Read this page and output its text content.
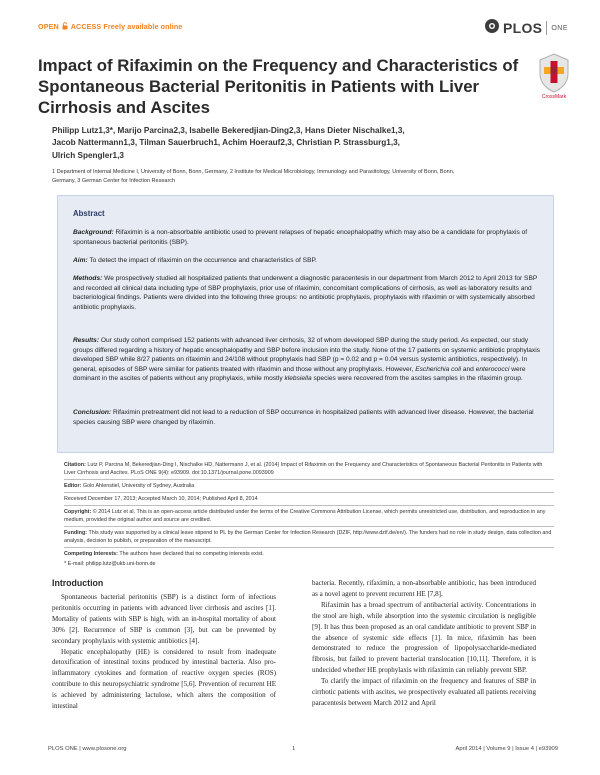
OPEN ACCESS Freely available online	PLOS ONE
Impact of Rifaximin on the Frequency and Characteristics of Spontaneous Bacterial Peritonitis in Patients with Liver Cirrhosis and Ascites
CrossMark
Philipp Lutz1,3*, Marijo Parcina2,3, Isabelle Bekeredjian-Ding2,3, Hans Dieter Nischalke1,3,
Jacob Nattermann1,3, Tilman Sauerbruch1, Achim Hoerauf2,3, Christian P. Strassburg1,3,
Ulrich Spengler1,3
1 Department of Internal Medicine I, University of Bonn, Bonn, Germany, 2 Institute for Medical Microbiology, Immunology and Parasitology, University of Bonn, Bonn,
Germany, 3 German Center for Infection Research
Abstract
Background: Rifaximin is a non-absorbable antibiotic used to prevent relapses of hepatic encephalopathy which may also be a candidate for prophylaxis of spontaneous bacterial peritonitis (SBP).
Aim: To detect the impact of rifaximin on the occurrence and characteristics of SBP.
Methods: We prospectively studied all hospitalized patients that underwent a diagnostic paracentesis in our department from March 2012 to April 2013 for SBP and recorded all clinical data including type of SBP prophylaxis, prior use of rifaximin, concomitant complications of cirrhosis, as well as laboratory results and bacteriological findings. Patients were divided into the following three groups: no antibiotic prophylaxis, prophylaxis with rifaximin or with systemically absorbed antibiotic prophylaxis.
Results: Our study cohort comprised 152 patients with advanced liver cirrhosis, 32 of whom developed SBP during the study period. As expected, our study groups differed regarding a history of hepatic encephalopathy and SBP before inclusion into the study. None of the 17 patients on systemic antibiotic prophylaxis developed SBP while 8/27 patients on rifaximin and 24/108 without prophylaxis had SBP (p = 0.02 and p = 0.04 versus systemic antibiotics, respectively). In general, episodes of SBP were similar for patients treated with rifaximin and those without any prophylaxis. However, Escherichia coli and enterococci were dominant in the ascites of patients without any prophylaxis, while mostly klebsiella species were recovered from the ascites samples in the rifaximin group.
Conclusion: Rifaximin pretreatment did not lead to a reduction of SBP occurrence in hospitalized patients with advanced liver disease. However, the bacterial species causing SBP were changed by rifaximin.
Citation: Lutz P, Parcina M, Bekeredjian-Ding I, Nischalke HD, Nattermann J, et al. (2014) Impact of Rifaximin on the Frequency and Characteristics of Spontaneous Bacterial Peritonitis in Patients with Liver Cirrhosis and Ascites. PLoS ONE 9(4): e93909. doi:10.1371/journal.pone.0093909
Editor: Golo Ahlenstiel, University of Sydney, Australia
Received December 17, 2013; Accepted March 10, 2014; Published April 8, 2014
Copyright: © 2014 Lutz et al. This is an open-access article distributed under the terms of the Creative Commons Attribution License, which permits unrestricted use, distribution, and reproduction in any medium, provided the original author and source are credited.
Funding: This study was supported by a clinical leave stipend to PL by the German Center for Infection Research (DZIF, http://www.dzif.de/en/). The funders had no role in study design, data collection and analysis, decision to publish, or preparation of the manuscript.
Competing Interests: The authors have declared that no competing interests exist.
Introduction

Spontaneous bacterial peritonitis (SBP) is a distinct form of infectious peritonitis occurring in patients with advanced liver cirrhosis and ascites [1]. Mortality of patients with SBP is high, with an in-hospital mortality of about 30% [2]. Recurrence of SBP is common [3], but can be prevented by secondary prophylaxis with systemic antibiotics [4].

Hepatic encephalopathy (HE) is considered to result from inadequate detoxification of intestinal toxins produced by intestinal bacteria. Also pro-inflammatory cytokines and formation of reactive oxygen species (ROS) contribute to this neuropsychiatric syndrome [5,6]. Prevention of recurrent HE is achieved by administering lactulose, which alters the composition of intestinal

bacteria. Recently, rifaximin, a non-absorbable antibiotic, has been introduced as a novel agent to prevent recurrent HE [7,8].

Rifaximin has a broad spectrum of antibacterial activity. Concentrations in the stool are high, while absorption into the systemic circulation is negligible [9]. It has thus been proposed as an oral candidate antibiotic to prevent SBP in the absence of systemic side effects [1]. In mice, rifaximin has been demonstrated to reduce the progression of lipopolysaccharide-mediated fibrosis, but failed to prevent bacterial translocation [10,11]. Therefore, it is undecided whether HE prophylaxis with rifaximin can reliably prevent SBP.

To clarify the impact of rifaximin on the frequency and features of SBP in cirrhotic patients with ascites, we prospectively evaluated all patients receiving paracentesis between March 2012 and April

PLOS ONE | www.plosone.org	1	April 2014 | Volume 9 | Issue 4 | e93909
* E-mail: philipp.lutz@ukb.uni-bonn.de
